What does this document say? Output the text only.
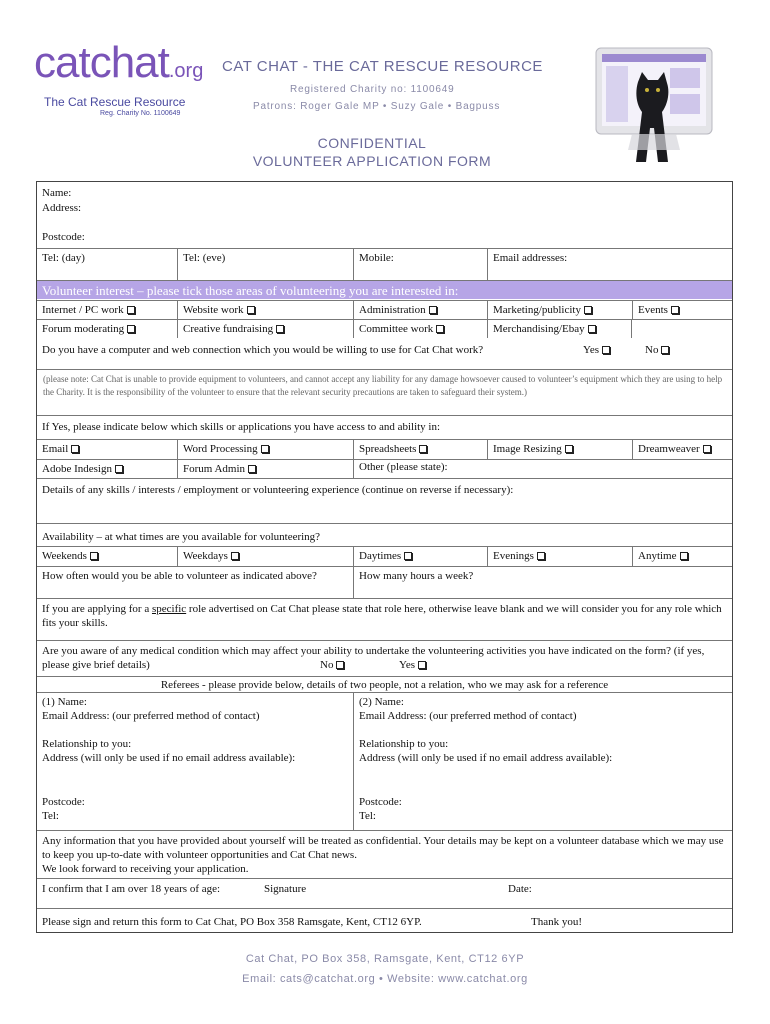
catchat.org
The Cat Rescue Resource
Reg. Charity No. 1100649
CAT CHAT - THE CAT RESCUE RESOURCE
Registered Charity no: 1100649
Patrons: Roger Gale MP • Suzy Gale • Bagpuss
CONFIDENTIAL
VOLUNTEER APPLICATION FORM
Name:
Address:
Postcode:
Tel: (day)	Tel: (eve)	Mobile:	Email addresses:
Volunteer interest – please tick those areas of volunteering you are interested in:
Internet / PC work	Website work	Administration	Marketing/publicity	Events
Forum moderating	Creative fundraising	Committee work	Merchandising/Ebay
Do you have a computer and web connection which you would be willing to use for Cat Chat work?	Yes	No
(please note: Cat Chat is unable to provide equipment to volunteers, and cannot accept any liability for any damage howsoever caused to volunteer’s equipment which they are using to help the Charity. It is the responsibility of the volunteer to ensure that the relevant security precautions are taken to safeguard their system.)
If Yes, please indicate below which skills or applications you have access to and ability in:
Email	Word Processing	Spreadsheets	Image Resizing	Dreamweaver
Adobe Indesign	Forum Admin	Other (please state):
Details of any skills / interests / employment or volunteering experience (continue on reverse if necessary):
Availability – at what times are you available for volunteering?
Weekends	Weekdays	Daytimes	Evenings	Anytime
How often would you be able to volunteer as indicated above?	How many hours a week?
If you are applying for a specific role advertised on Cat Chat please state that role here, otherwise leave blank and we will consider you for any role which fits your skills.
Are you aware of any medical condition which may affect your ability to undertake the volunteering activities you have indicated on the form? (if yes, please give brief details)	No	Yes
Referees - please provide below, details of two people, not a relation, who we may ask for a reference
(1) Name:
Email Address: (our preferred method of contact)
Relationship to you:
Address (will only be used if no email address available):
Postcode:
Tel:
(2) Name:
Email Address: (our preferred method of contact)
Relationship to you:
Address (will only be used if no email address available):
Postcode:
Tel:
Any information that you have provided about yourself will be treated as confidential. Your details may be kept on a volunteer database which we may use to keep you up-to-date with volunteer opportunities and Cat Chat news.
We look forward to receiving your application.
I confirm that I am over 18 years of age:	Signature	Date:
Please sign and return this form to Cat Chat, PO Box 358 Ramsgate, Kent, CT12 6YP.	Thank you!
Cat Chat, PO Box 358, Ramsgate, Kent, CT12 6YP
Email: cats@catchat.org • Website: www.catchat.org
